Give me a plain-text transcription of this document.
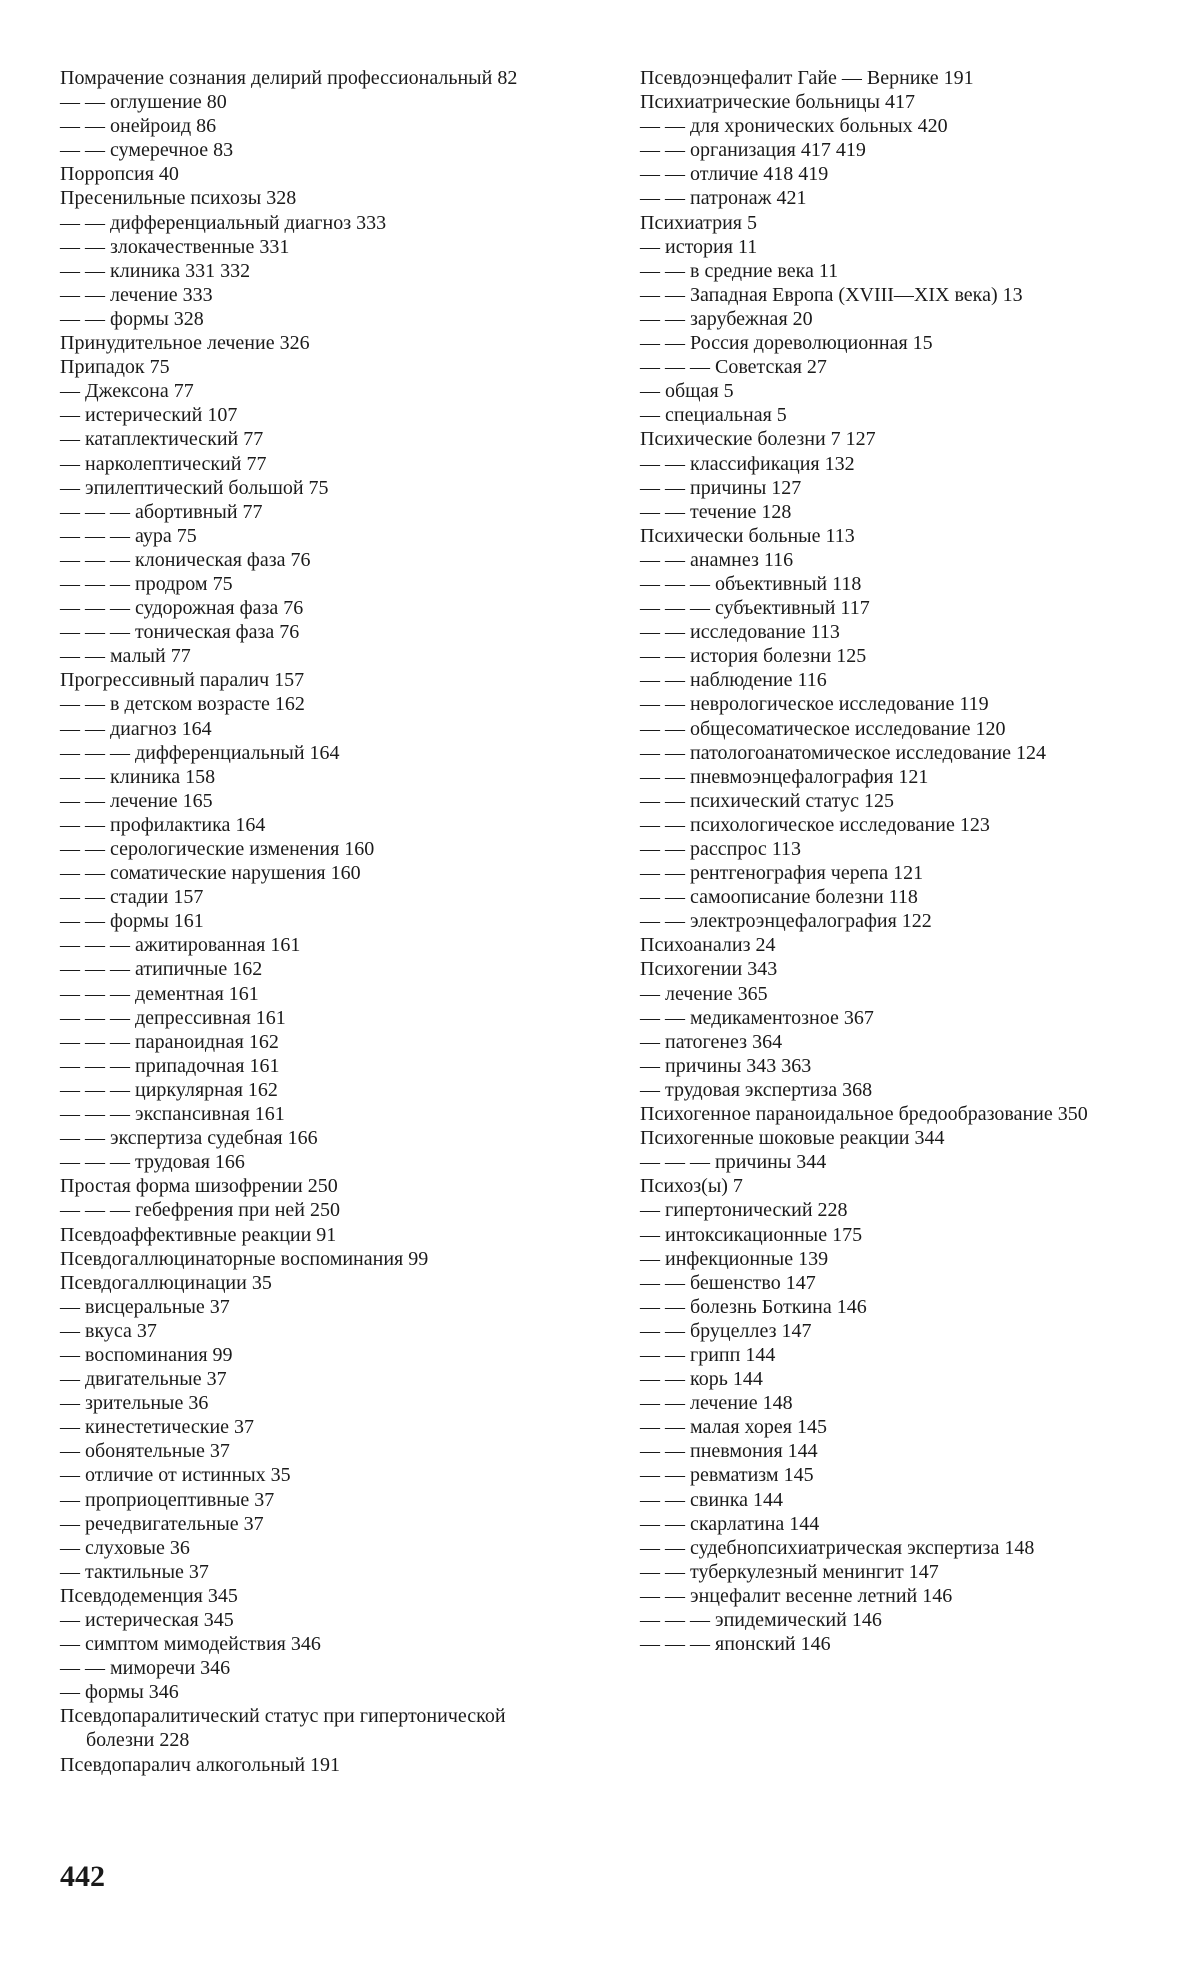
Помрачение сознания делирий профессиональный 82
— — оглушение 80
— — онейроид 86
— — сумеречное 83
Порропсия 40
Пресенильные психозы 328
— — дифференциальный диагноз 333
— — злокачественные 331
— — клиника 331 332
— — лечение 333
— — формы 328
Принудительное лечение 326
Припадок 75
— Джексона 77
— истерический 107
— катаплектический 77
— нарколептический 77
— эпилептический большой 75
— — — абортивный 77
— — — аура 75
— — — клоническая фаза 76
— — — продром 75
— — — судорожная фаза 76
— — — тоническая фаза 76
— — малый 77
Прогрессивный паралич 157
— — в детском возрасте 162
— — диагноз 164
— — — дифференциальный 164
— — клиника 158
— — лечение 165
— — профилактика 164
— — серологические изменения 160
— — соматические нарушения 160
— — стадии 157
— — формы 161
— — — ажитированная 161
— — — атипичные 162
— — — дементная 161
— — — депрессивная 161
— — — параноидная 162
— — — припадочная 161
— — — циркулярная 162
— — — экспансивная 161
— — экспертиза судебная 166
— — — трудовая 166
Простая форма шизофрении 250
— — — гебефрения при ней 250
Псевдоаффективные реакции 91
Псевдогаллюцинаторные воспоминания 99
Псевдогаллюцинации 35
— висцеральные 37
— вкуса 37
— воспоминания 99
— двигательные 37
— зрительные 36
— кинестетические 37
— обонятельные 37
— отличие от истинных 35
— проприоцептивные 37
— речедвигательные 37
— слуховые 36
— тактильные 37
Псевдодеменция 345
— истерическая 345
— симптом мимодействия 346
— — миморечи 346
— формы 346
Псевдопаралитический статус при гипертонической болезни 228
Псевдопаралич алкогольный 191
Псевдоэнцефалит Гайе — Вернике 191
Психиатрические больницы 417
— — для хронических больных 420
— — организация 417 419
— — отличие 418 419
— — патронаж 421
Психиатрия 5
— история 11
— — в средние века 11
— — Западная Европа (XVIII—XIX века) 13
— — зарубежная 20
— — Россия дореволюционная 15
— — — Советская 27
— общая 5
— специальная 5
Психические болезни 7 127
— — классификация 132
— — причины 127
— — течение 128
Психически больные 113
— — анамнез 116
— — — объективный 118
— — — субъективный 117
— — исследование 113
— — история болезни 125
— — наблюдение 116
— — неврологическое исследование 119
— — общесоматическое исследование 120
— — патологоанатомическое исследование 124
— — пневмоэнцефалография 121
— — психический статус 125
— — психологическое исследование 123
— — расспрос 113
— — рентгенография черепа 121
— — самоописание болезни 118
— — электроэнцефалография 122
Психоанализ 24
Психогении 343
— лечение 365
— — медикаментозное 367
— патогенез 364
— причины 343 363
— трудовая экспертиза 368
Психогенное параноидальное бредообразование 350
Психогенные шоковые реакции 344
— — — причины 344
Психоз(ы) 7
— гипертонический 228
— интоксикационные 175
— инфекционные 139
— — бешенство 147
— — болезнь Боткина 146
— — бруцеллез 147
— — грипп 144
— — корь 144
— — лечение 148
— — малая хорея 145
— — пневмония 144
— — ревматизм 145
— — свинка 144
— — скарлатина 144
— — судебнопсихиатрическая экспертиза 148
— — туберкулезный менингит 147
— — энцефалит весенне летний 146
— — — эпидемический 146
— — — японский 146
442
